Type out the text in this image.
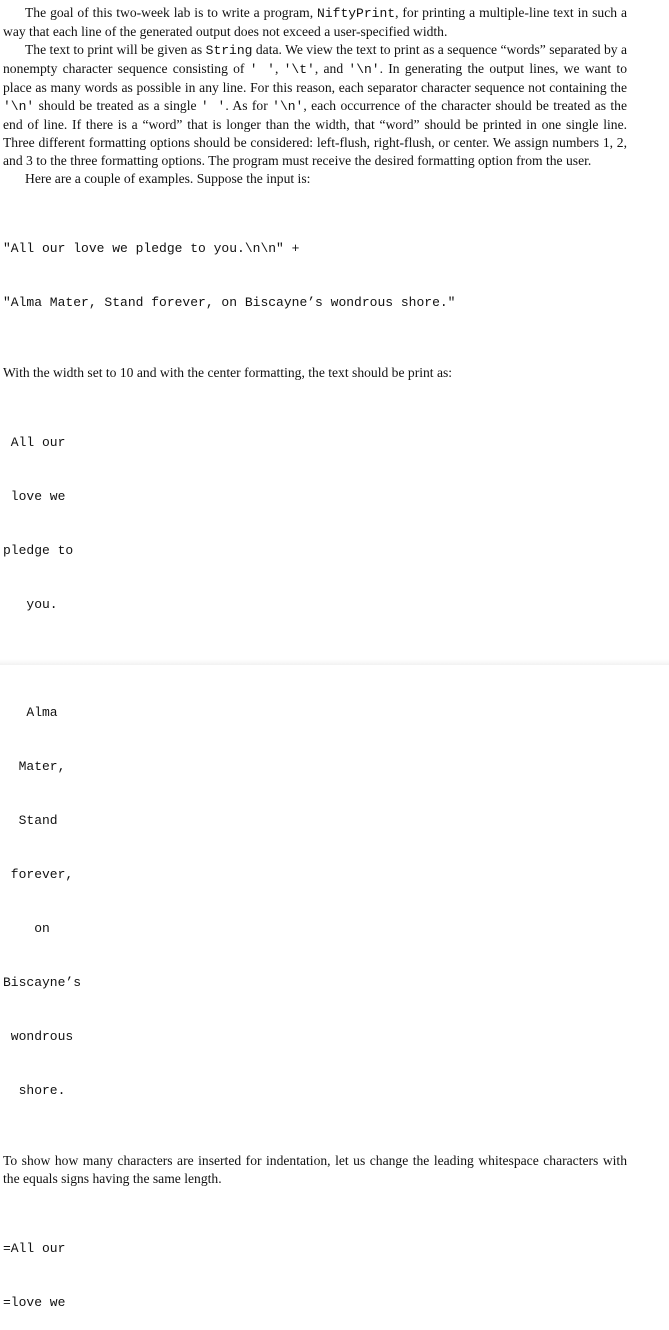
The goal of this two-week lab is to write a program, NiftyPrint, for printing a multiple-line text in such a way that each line of the generated output does not exceed a user-specified width.

The text to print will be given as String data. We view the text to print as a sequence “words” separated by a nonempty character sequence consisting of ' ', '\t', and '\n'. In generating the output lines, we want to place as many words as possible in any line. For this reason, each separator character sequence not containing the '\n' should be treated as a single ' '. As for '\n', each occurrence of the character should be treated as the end of line. If there is a “word” that is longer than the width, that “word” should be printed in one single line. Three different formatting options should be considered: left-flush, right-flush, or center. We assign numbers 1, 2, and 3 to the three formatting options. The program must receive the desired formatting option from the user.

Here are a couple of examples. Suppose the input is:

"All our love we pledge to you.\n\n" +

"Alma Mater, Stand forever, on Biscayne’s wondrous shore."

With the width set to 10 and with the center formatting, the text should be print as:

All our

love we

pledge to

you.

Alma

Mater,

Stand

forever,

on

Biscayne’s

wondrous

shore.

To show how many characters are inserted for indentation, let us change the leading whitespace characters with the equals signs having the same length.

=All our

=love we
